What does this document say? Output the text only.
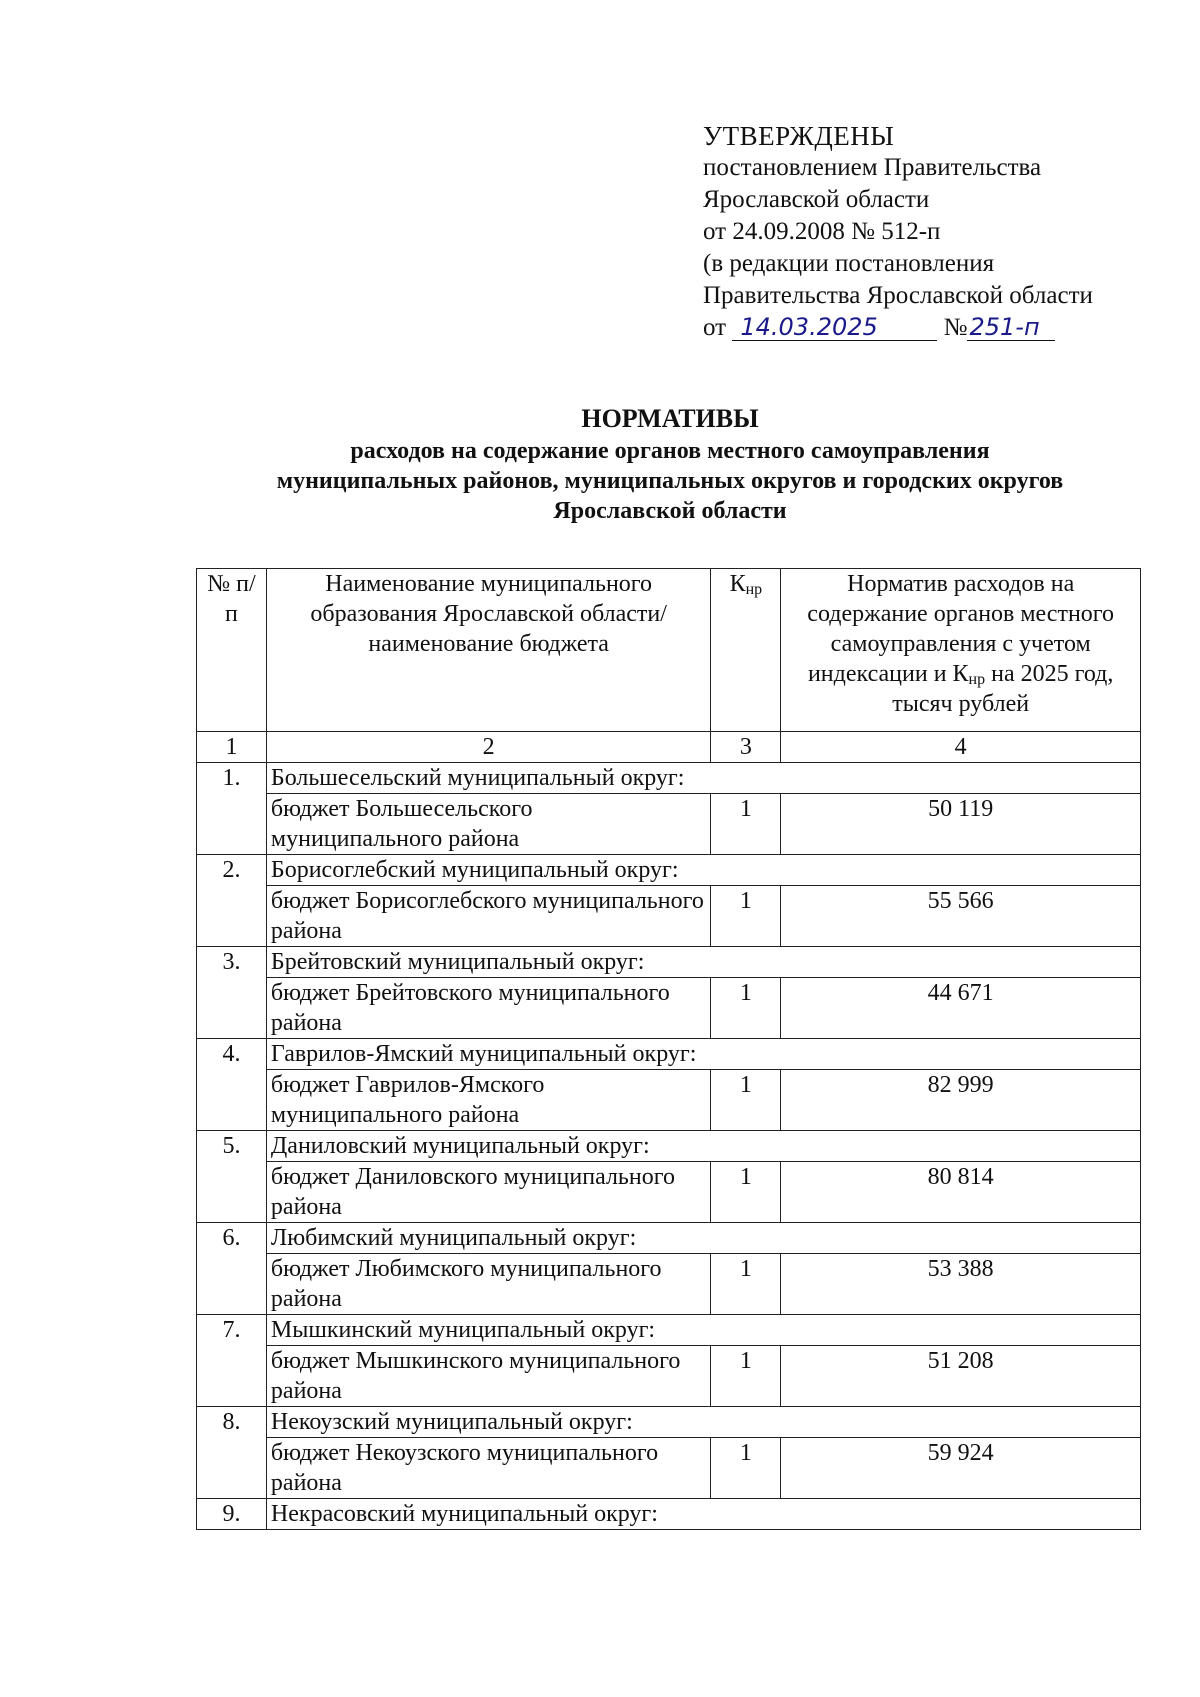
УТВЕРЖДЕНЫ
постановлением Правительства
Ярославской области
от 24.09.2008 № 512-п
(в редакции постановления
Правительства Ярославской области
от 14.03.2025	№251-п
НОРМАТИВЫ
расходов на содержание органов местного самоуправления
муниципальных районов, муниципальных округов и городских округов
Ярославской области
№ п/п	Наименование муниципального образования Ярославской области/ наименование бюджета	$К_{нр}$	Норматив расходов на содержание органов местного самоуправления с учетом индексации и $К_{нр}$ на 2025 год, тысяч рублей
1	2	3	4
1.	Большесельский муниципальный округ:		
	бюджет Большесельского муниципального района	1	50 119
2.	Борисоглебский муниципальный округ:		
	бюджет Борисоглебского муниципального района	1	55 566
3.	Брейтовский муниципальный округ:		
	бюджет Брейтовского муниципального района	1	44 671
4.	Гаврилов-Ямский муниципальный округ:		
	бюджет Гаврилов-Ямского муниципального района	1	82 999
5.	Даниловский муниципальный округ:		
	бюджет Даниловского муниципального района	1	80 814
6.	Любимский муниципальный округ:		
	бюджет Любимского муниципального района	1	53 388
7.	Мышкинский муниципальный округ:		
	бюджет Мышкинского муниципального района	1	51 208
8.	Некоузский муниципальный округ:		
	бюджет Некоузского муниципального района	1	59 924
9.	Некрасовский муниципальный округ:		
